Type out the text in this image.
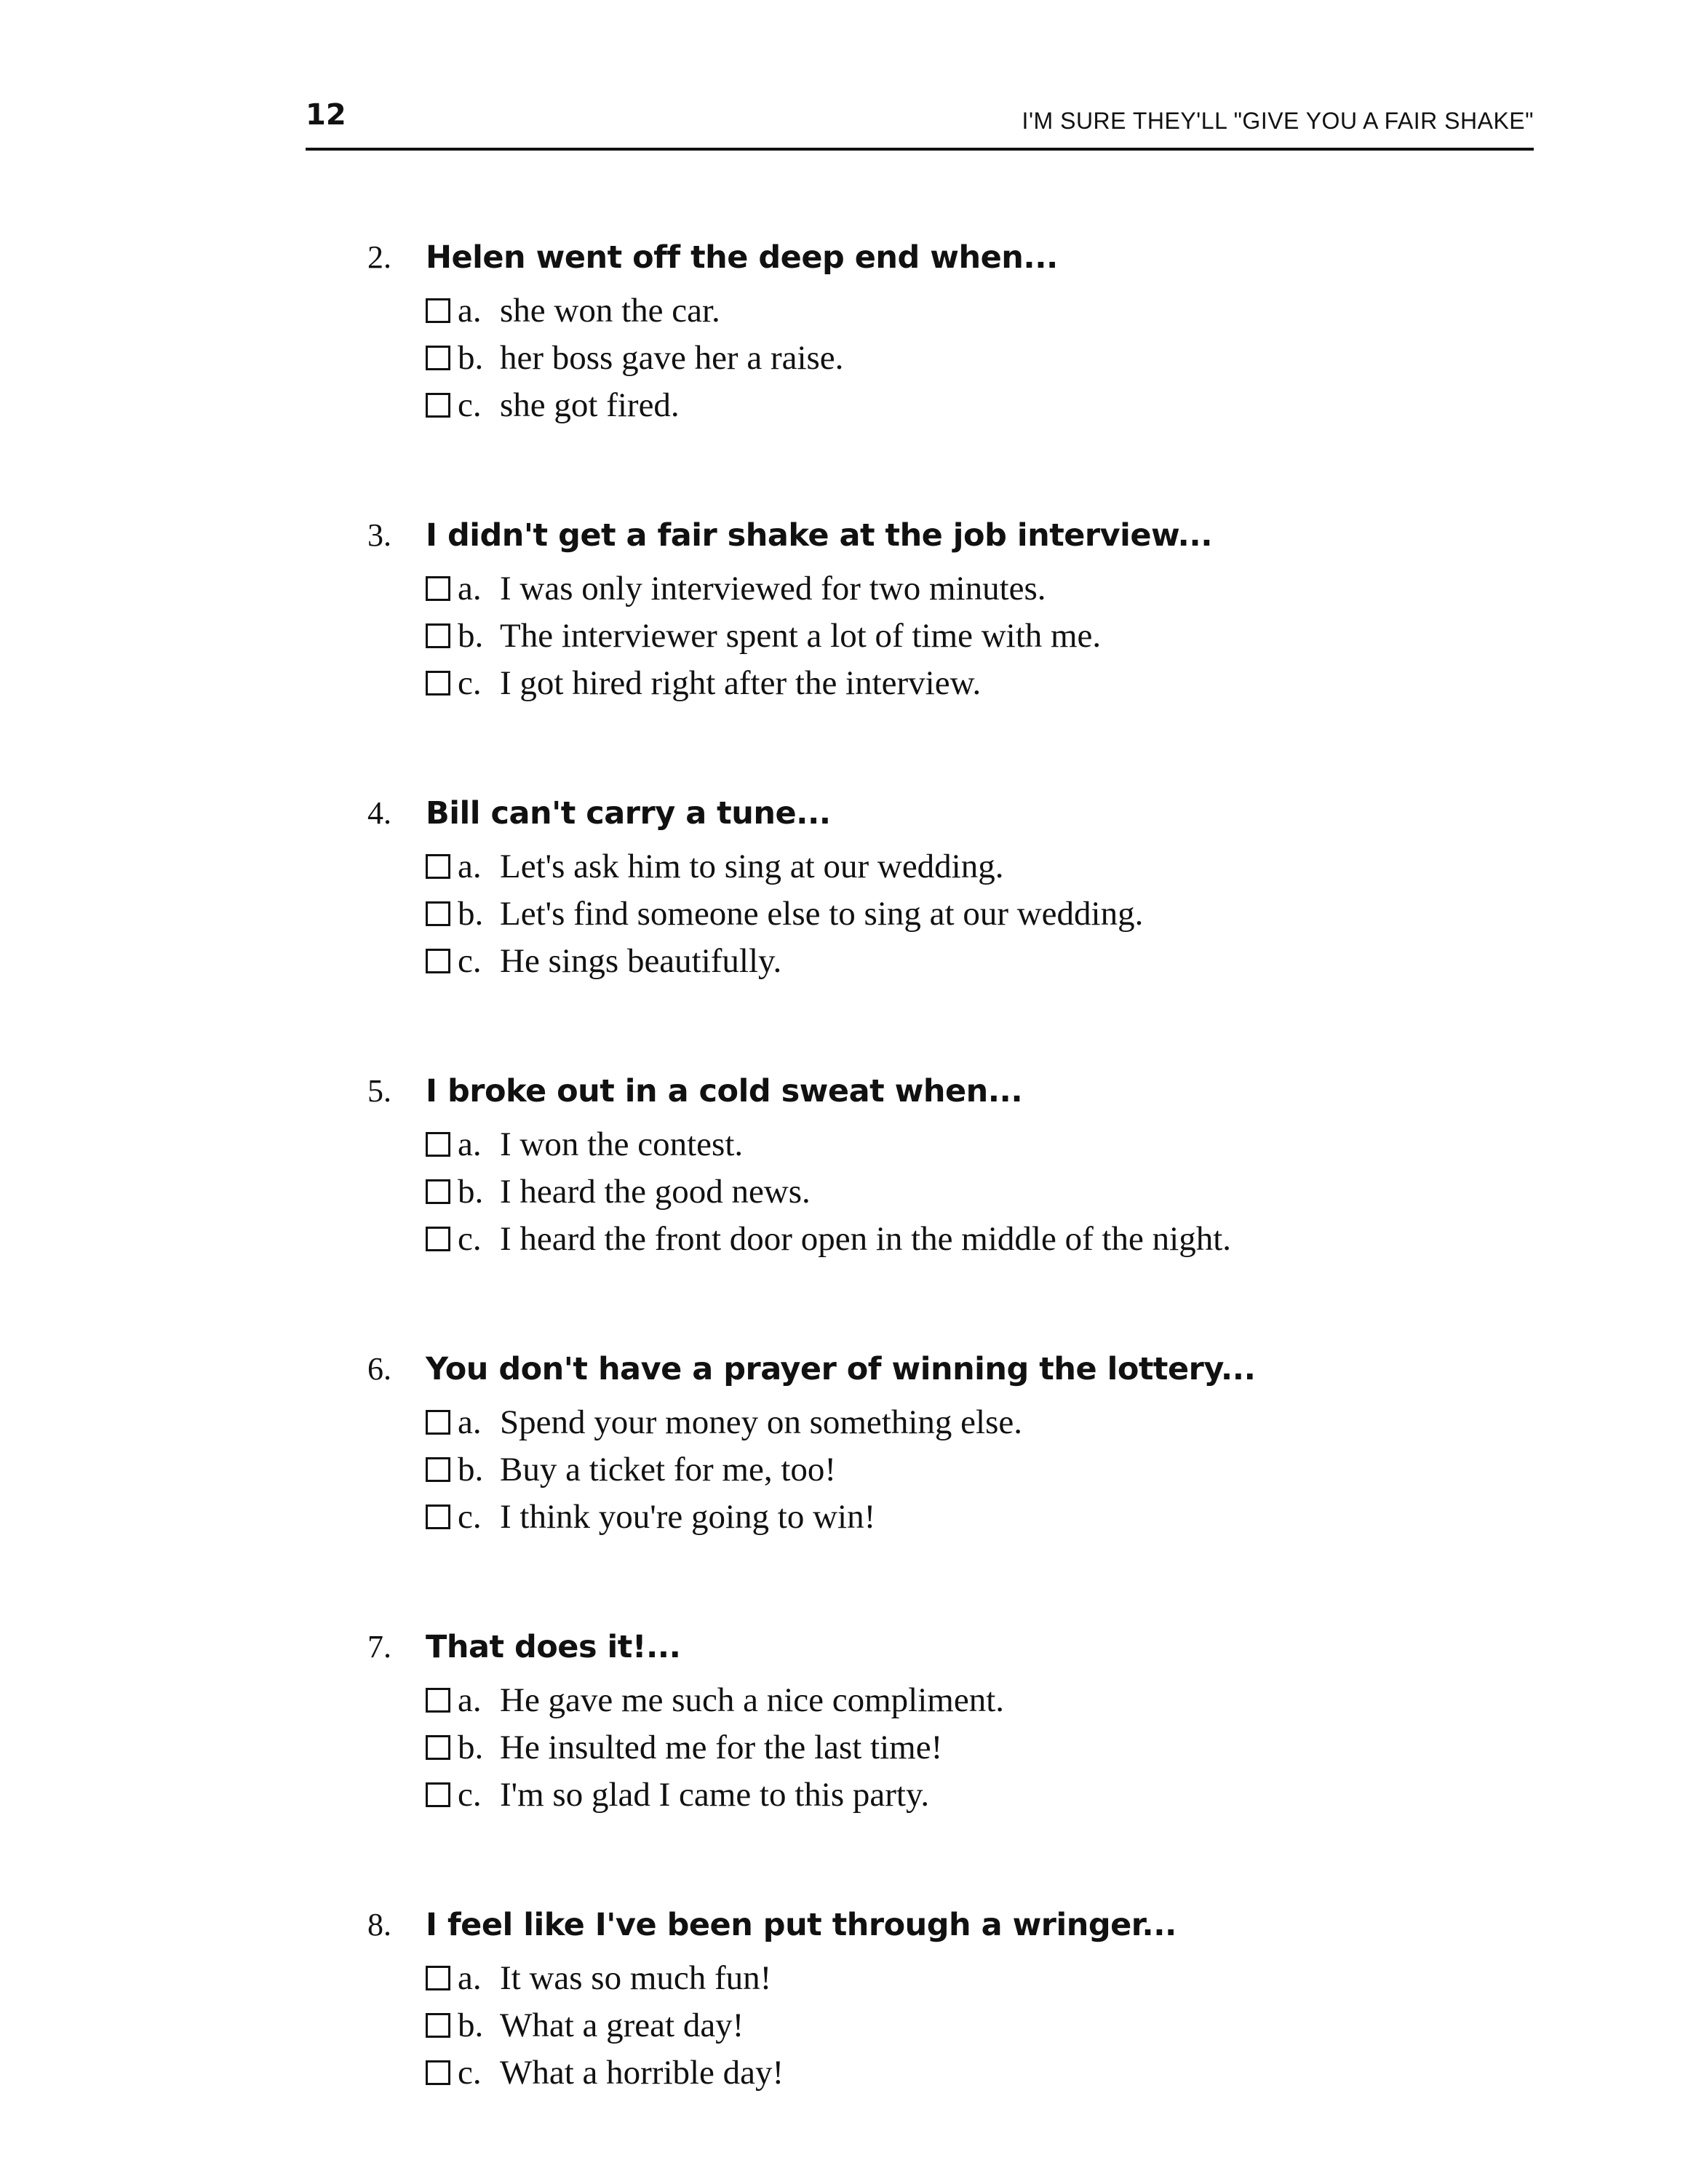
12	I'M SURE THEY'LL "GIVE YOU A FAIR SHAKE"
2.	Helen went off the deep end when...
a. she won the car.
b. her boss gave her a raise.
c. she got fired.
3.	I didn't get a fair shake at the job interview...
a. I was only interviewed for two minutes.
b. The interviewer spent a lot of time with me.
c. I got hired right after the interview.
4.	Bill can't carry a tune...
a. Let's ask him to sing at our wedding.
b. Let's find someone else to sing at our wedding.
c. He sings beautifully.
5.	I broke out in a cold sweat when...
a. I won the contest.
b. I heard the good news.
c. I heard the front door open in the middle of the night.
6.	You don't have a prayer of winning the lottery...
a. Spend your money on something else.
b. Buy a ticket for me, too!
c. I think you're going to win!
7.	That does it!...
a. He gave me such a nice compliment.
b. He insulted me for the last time!
c. I'm so glad I came to this party.
8.	I feel like I've been put through a wringer...
a. It was so much fun!
b. What a great day!
c. What a horrible day!
